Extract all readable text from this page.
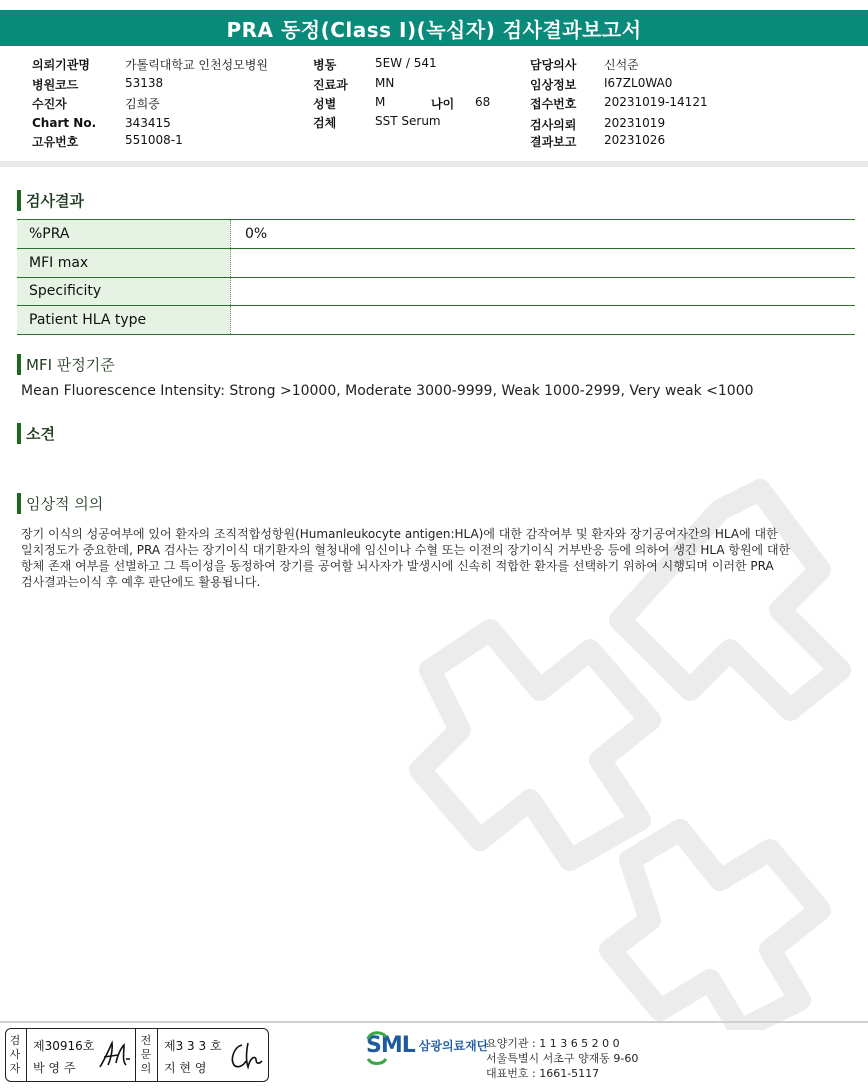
PRA 동정(Class I)(녹십자) 검사결과보고서
의뢰기관명	가톨릭대학교 인천성모병원
병원코드	53138
수진자	김희중
Chart No. 343415
고유번호	551008-1
병동	5EW / 541
진료과 MN
성별	M	나이 68
검체	SST Serum
담당의사 신석준
임상정보 I67ZL0WA0
접수번호 20231019-14121
검사의뢰 20231019
결과보고 20231026
검사결과
%PRA	0%
MFI max
Specificity
Patient HLA type
MFI 판정기준
Mean Fluorescence Intensity: Strong >10000, Moderate 3000-9999, Weak 1000-2999, Very weak <1000
소견
임상적 의의
장기 이식의 성공여부에 있어 환자의 조직적합성항원(Humanleukocyte antigen:HLA)에 대한 감작여부 및 환자와 장기공여자간의 HLA에 대한
일치정도가 중요한데, PRA 검사는 장기이식 대기환자의 혈청내에 임신이나 수혈 또는 이전의 장기이식 거부반응 등에 의하여 생긴 HLA 항원에 대한
항체 존재 여부를 선별하고 그 특이성을 동정하여 장기를 공여할 뇌사자가 발생시에 신속히 적합한 환자를 선택하기 위하여 시행되며 이러한 PRA
검사결과는이식 후 예후 판단에도 활용됩니다.
검
사
자
제30916호
박 영 주
전
문
의
제3 3 3 호
지 현 영
SML 삼광의료재단
요양기관 : 1 1 3 6 5 2 0 0
서울특별시 서초구 양재동 9-60
대표번호 : 1661-5117
